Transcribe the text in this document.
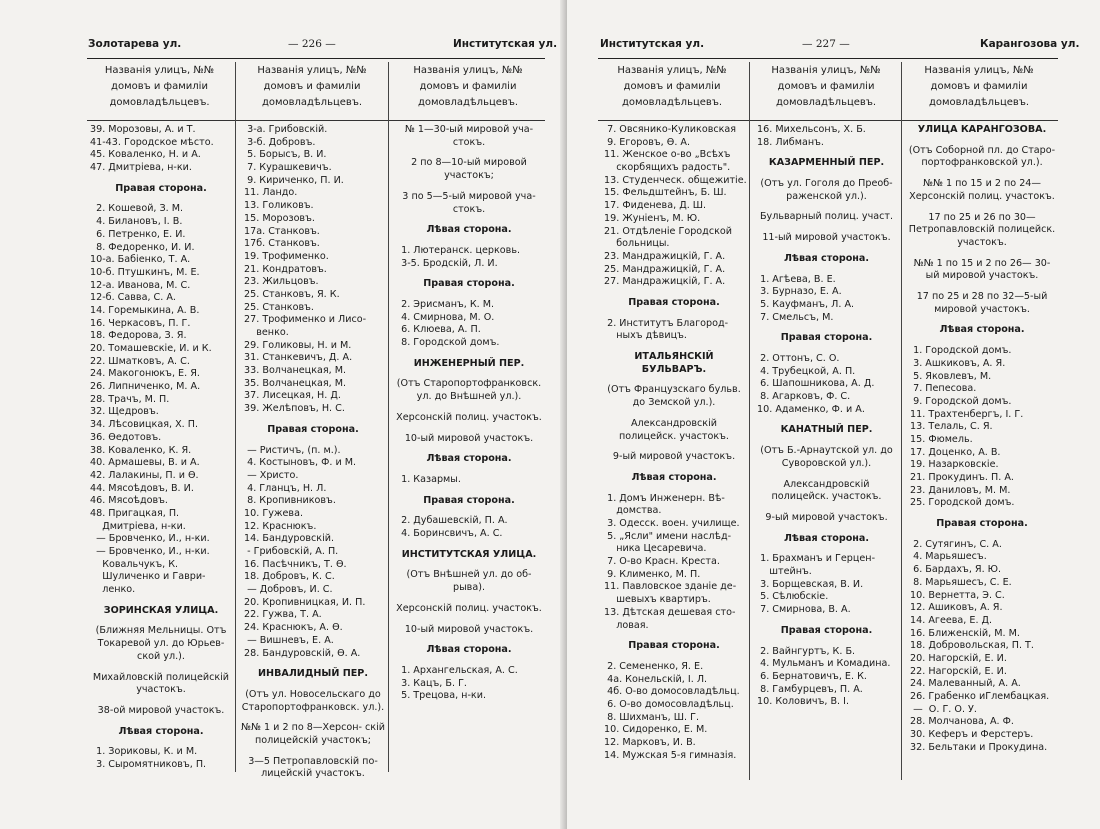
Золотарева ул.	— 226 —	Институтская ул.
Названія улицъ, №№
домовъ и фамиліи
домовладѣльцевъ.
Названія улицъ, №№
домовъ и фамиліи
домовладѣльцевъ.
Названія улицъ, №№
домовъ и фамиліи
домовладѣльцевъ.
39. Морозовы, А. и Т.
41-43. Городское мѣсто.
45. Коваленко, Н. и А.
47. Дмитріева, н-ки.
Правая сторона.
2. Кошевой, З. М.
4. Билановъ, І. В.
6. Петренко, Е. И.
8. Федоренко, И. И.
10-а. Бабіенко, Т. А.
10-б. Птушкинъ, М. Е.
12-а. Иванова, М. С.
12-б. Савва, С. А.
14. Горемыкина, А. В.
16. Черкасовъ, П. Г.
18. Федорова, З. Я.
20. Томашевскіе, И. и К.
22. Шматковъ, А. С.
24. Макогонюкъ, Е. Я.
26. Липниченко, М. А.
28. Трачъ, М. П.
32. Щедровъ.
34. Лѣсовицкая, Х. П.
36. Ѳедотовъ.
38. Коваленко, К. Я.
40. Армашевы, В. и А.
42. Лалакины, П. и Ѳ.
44. Мясоѣдовъ, В. И.
46. Мясоѣдовъ.
48. Пригацкая, П.
Дмитріева, н-ки.
— Бровченко, И., н-ки.
— Бровченко, И., н-ки.
Ковальчукъ, К.
Шуличенко и Гаври-
ленко.
ЗОРИНСКАЯ УЛИЦА.
(Ближняя Мельницы. Отъ Токаревой ул. до Юрьев- ской ул.).
Михайловскій полицейскій участокъ.
38-ой мировой участокъ.
Лѣвая сторона.
1. Зориковы, К. и М.
3. Сыромятниковъ, П.
3-а. Грибовскій.
3-б. Добровъ.
5. Борысъ, В. И.
7. Курашкевичъ.
9. Кириченко, П. И.
11. Ландо.
13. Голиковъ.
15. Морозовъ.
17а. Станковъ.
17б. Станковъ.
19. Трофименко.
21. Кондратовъ.
23. Жильцовъ.
25. Станковъ, Я. К.
25. Станковъ.
27. Трофименко и Лисо-
венко.
29. Голиковы, Н. и М.
31. Станкевичъ, Д. А.
33. Волчанецкая, М.
35. Волчанецкая, М.
37. Лисецкая, Н. Д.
39. Желѣповъ, Н. С.
Правая сторона.
— Ристичъ, (п. м.).
4. Костыновъ, Ф. и М.
— Христо.
4. Гланцъ, Н. Л.
8. Кропивниковъ.
10. Гужева.
12. Краснюкъ.
14. Бандуровскій.
- Грибовскій, А. П.
16. Пасѣчникъ, Т. Ѳ.
18. Добровъ, К. С.
— Добровъ, И. С.
20. Кропивницкая, И. П.
22. Гужва, Т. А.
24. Краснюкъ, А. Ѳ.
— Вишневъ, Е. А.
28. Бандуровскій, Ѳ. А.
ИНВАЛИДНЫЙ ПЕР.
(Отъ ул. Новосельскаго до Старопортофранковск. ул.).
№№ 1 и 2 по 8—Херсон- скій полицейскій участокъ;
3—5 Петропавловскій по- лицейскій участокъ.
№ 1—30-ый мировой уча- стокъ.
2 по 8—10-ый мировой участокъ;
3 по 5—5-ый мировой уча- стокъ.
Лѣвая сторона.
1. Лютеранск. церковь.
3-5. Бродскій, Л. И.
Правая сторона.
2. Эрисманъ, К. М.
4. Смирнова, М. О.
6. Клюева, А. П.
8. Городской домъ.
ИНЖЕНЕРНЫЙ ПЕР.
(Отъ Старопортофранковск. ул. до Внѣшней ул.).
Херсонскій полиц. участокъ.
10-ый мировой участокъ.
Лѣвая сторона.
1. Казармы.
Правая сторона.
2. Дубашевскій, П. А.
4. Боринсвичъ, А. С.
ИНСТИТУТСКАЯ УЛИЦА.
(Отъ Внѣшней ул. до об- рыва).
Херсонскій полиц. участокъ.
10-ый мировой участокъ.
Лѣвая сторона.
1. Архангельская, А. С.
3. Кацъ, Б. Г.
5. Трецова, н-ки.
Институтская ул.	— 227 —	Карангозова ул.
Названія улицъ, №№
домовъ и фамиліи
домовладѣльцевъ.
Названія улицъ, №№
домовъ и фамиліи
домовладѣльцевъ.
Названія улицъ, №№
домовъ и фамиліи
домовладѣльцевъ.
7. Овсянико-Куликовская
9. Егоровъ, Ѳ. А.
11. Женское о-во „Всѣхъ
скорбящихъ радость".
13. Студенческ. общежитіе.
15. Фельдштейнъ, Б. Ш.
17. Фиденева, Д. Ш.
19. Жуніенъ, М. Ю.
21. Отдѣленіе Городской
больницы.
23. Мандражицкій, Г. А.
25. Мандражицкій, Г. А.
27. Мандражицкій, Г. А.
Правая сторона.
2. Институтъ Благород-
ныхъ дѣвицъ.
ИТАЛЬЯНСКІЙ БУЛЬВАРЪ.
(Отъ Французскаго бульв. до Земской ул.).
Александровскій полицейск. участокъ.
9-ый мировой участокъ.
Лѣвая сторона.
1. Домъ Инженерн. Вѣ-
домства.
3. Одесск. воен. училище.
5. „Ясли" имени наслѣд-
ника Цесаревича.
7. О-во Красн. Креста.
9. Клименко, М. П.
11. Павловское зданіе де-
шевыхъ квартиръ.
13. Дѣтская дешевая сто-
ловая.
Правая сторона.
2. Семененко, Я. Е.
4а. Конельскій, І. Л.
4б. О-во домосовладѣльц.
6. О-во домосовладѣльц.
8. Шихманъ, Ш. Г.
10. Сидоренко, Е. М.
12. Марковъ, И. В.
14. Мужская 5-я гимназія.
16. Михельсонъ, Х. Б.
18. Либманъ.
КАЗАРМЕННЫЙ ПЕР.
(Отъ ул. Гоголя до Преоб- раженской ул.).
Бульварный полиц. участ.
11-ый мировой участокъ.
Лѣвая сторона.
1. Агѣева, В. Е.
3. Бурназо, Е. А.
5. Кауфманъ, Л. А.
7. Смельсъ, М.
Правая сторона.
2. Оттонъ, С. О.
4. Трубецкой, А. П.
6. Шапошникова, А. Д.
8. Агарковъ, Ф. С.
10. Адаменко, Ф. и А.
КАНАТНЫЙ ПЕР.
(Отъ Б.-Арнаутской ул. до Суворовской ул.).
Александровскій полицейск. участокъ.
9-ый мировой участокъ.
Лѣвая сторона.
1. Брахманъ и Герцен-
штейнъ.
3. Борщевская, В. И.
5. Сѣлюбскіе.
7. Смирнова, В. А.
Правая сторона.
2. Вайнгуртъ, К. Б.
4. Мульманъ и Комадина.
6. Бернатовичъ, Е. К.
8. Гамбурцевъ, П. А.
10. Коловичъ, В. I.
УЛИЦА КАРАНГОЗОВА.
(Отъ Соборной пл. до Старо- портофранковской ул.).
№№ 1 по 15 и 2 по 24— Херсонскій полиц. участокъ.
17 по 25 и 26 по 30— Петропавловскій полицейск. участокъ.
№№ 1 по 15 и 2 по 26— 30-ый мировой участокъ.
17 по 25 и 28 по 32—5-ый мировой участокъ.
Лѣвая сторона.
1. Городской домъ.
3. Ашкиковъ, А. Я.
5. Яковлевъ, М.
7. Пепесова.
9. Городской домъ.
11. Трахтенбергъ, І. Г.
13. Телаль, С. Я.
15. Фюмель.
17. Доценко, А. В.
19. Назарковскіе.
21. Прокудинъ. П. А.
23. Даниловъ, М. М.
25. Городской домъ.
Правая сторона.
2. Сутягинъ, С. А.
4. Марьяшесъ.
6. Бардахъ, Я. Ю.
8. Марьяшесъ, С. Е.
10. Вернетта, Э. С.
12. Ашиковъ, А. Я.
14. Агеева, Е. Д.
16. Ближенскій, М. М.
18. Добровольская, П. Т.
20. Нагорскій, Е. И.
22. Нагорскій, Е. И.
24. Малеванный, А. А.
26. Грабенко иГлембацкая.
—  О. Г. О. У.
28. Молчанова, А. Ф.
30. Кеферъ и Ферстеръ.
32. Бельтаки и Прокудина.
